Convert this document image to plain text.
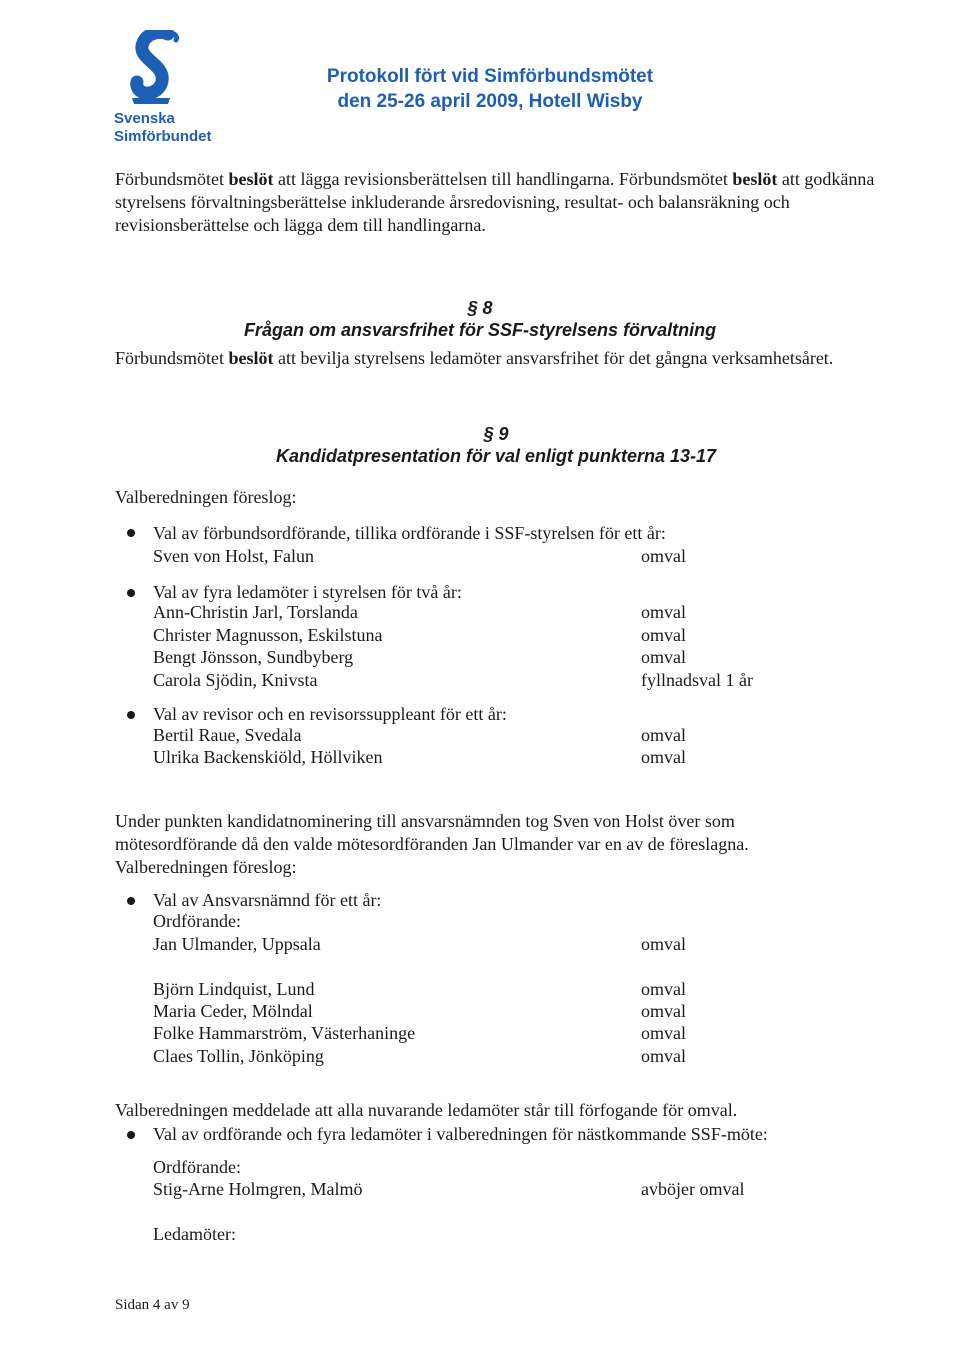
Svenska
Simförbundet
Protokoll fört vid Simförbundsmötet
den 25-26 april 2009, Hotell Wisby
Förbundsmötet beslöt att lägga revisionsberättelsen till handlingarna. Förbundsmötet beslöt att godkänna styrelsens förvaltningsberättelse inkluderande årsredovisning, resultat- och balansräkning och revisionsberättelse och lägga dem till handlingarna.
§ 8
Frågan om ansvarsfrihet för SSF-styrelsens förvaltning
Förbundsmötet beslöt att bevilja styrelsens ledamöter ansvarsfrihet för det gångna verksamhetsåret.
§ 9
Kandidatpresentation för val enligt punkterna 13-17
Valberedningen föreslog:
Val av förbundsordförande, tillika ordförande i SSF-styrelsen för ett år:
Sven von Holst, Falun	omval
Val av fyra ledamöter i styrelsen för två år:
Ann-Christin Jarl, Torslanda	omval
Christer Magnusson, Eskilstuna	omval
Bengt Jönsson, Sundbyberg	omval
Carola Sjödin, Knivsta	fyllnadsval 1 år
Val av revisor och en revisorssuppleant för ett år:
Bertil Raue, Svedala	omval
Ulrika Backenskiöld, Höllviken	omval
Under punkten kandidatnominering till ansvarsnämnden tog Sven von Holst över som mötesordförande då den valde mötesordföranden Jan Ulmander var en av de föreslagna.
Valberedningen föreslog:
Val av Ansvarsnämnd för ett år:
Ordförande:
Jan Ulmander, Uppsala	omval
Björn Lindquist, Lund	omval
Maria Ceder, Mölndal	omval
Folke Hammarström, Västerhaninge	omval
Claes Tollin, Jönköping	omval
Valberedningen meddelade att alla nuvarande ledamöter står till förfogande för omval.
Val av ordförande och fyra ledamöter i valberedningen för nästkommande SSF-möte:
Ordförande:
Stig-Arne Holmgren, Malmö	avböjer omval
Ledamöter:
Sidan 4 av 9
